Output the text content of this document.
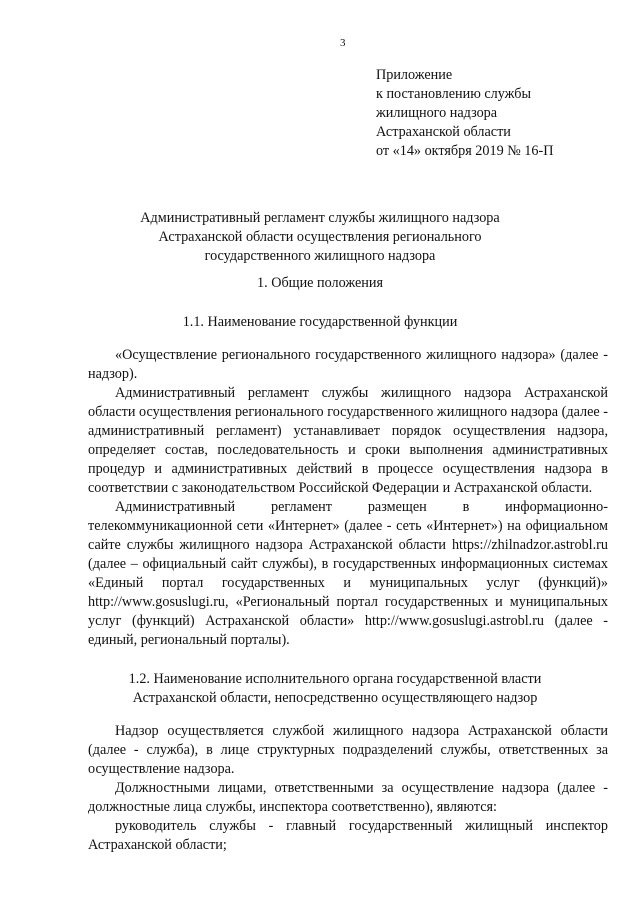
3
Приложение
к постановлению службы
жилищного надзора
Астраханской области
от «14» октября 2019 № 16-П
Административный регламент службы жилищного надзора Астраханской области осуществления регионального государственного жилищного надзора
1. Общие положения
1.1. Наименование государственной функции

«Осуществление регионального государственного жилищного надзора» (далее - надзор).

Административный регламент службы жилищного надзора Астраханской области осуществления регионального государственного жилищного надзора (далее - административный регламент) устанавливает порядок осуществления надзора, определяет состав, последовательность и сроки выполнения административных процедур и административных действий в процессе осуществления надзора в соответствии с законодательством Российской Федерации и Астраханской области.

Административный регламент размещен в информационно-телекоммуникационной сети «Интернет» (далее - сеть «Интернет») на официальном сайте службы жилищного надзора Астраханской области https://zhilnadzor.astrobl.ru (далее – официальный сайт службы), в государственных информационных системах «Единый портал государственных и муниципальных услуг (функций)» http://www.gosuslugi.ru, «Региональный портал государственных и муниципальных услуг (функций) Астраханской области» http://www.gosuslugi.astrobl.ru (далее - единый, региональный порталы).

1.2. Наименование исполнительного органа государственной власти Астраханской области, непосредственно осуществляющего надзор

Надзор осуществляется службой жилищного надзора Астраханской области (далее - служба), в лице структурных подразделений службы, ответственных за осуществление надзора.

Должностными лицами, ответственными за осуществление надзора (далее - должностные лица службы, инспектора соответственно), являются:

руководитель службы - главный государственный жилищный инспектор Астраханской области;
